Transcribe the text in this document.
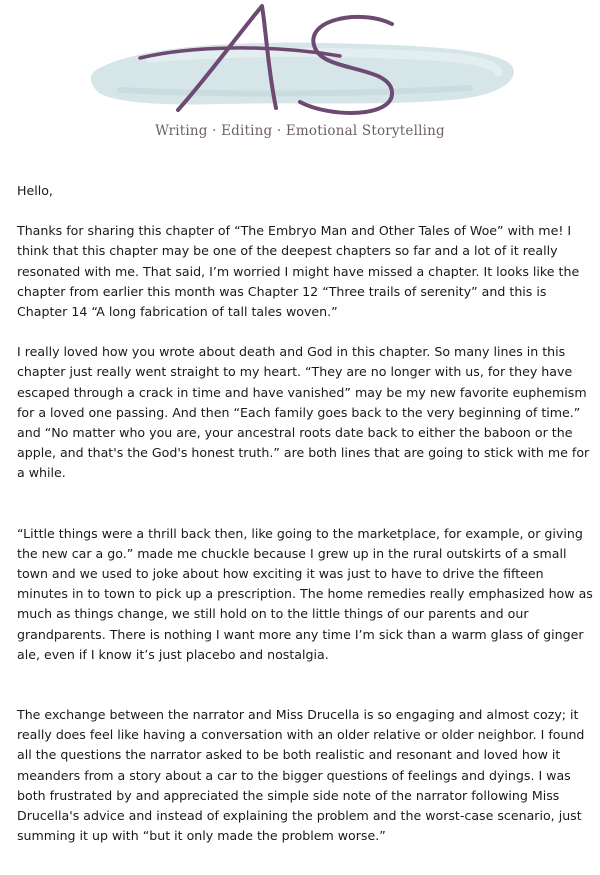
Writing · Editing · Emotional Storytelling

Hello,

Thanks for sharing this chapter of “The Embryo Man and Other Tales of Woe” with me! I think that this chapter may be one of the deepest chapters so far and a lot of it really resonated with me. That said, I’m worried I might have missed a chapter. It looks like the chapter from earlier this month was Chapter 12 “Three trails of serenity” and this is Chapter 14 “A long fabrication of tall tales woven.”

I really loved how you wrote about death and God in this chapter. So many lines in this chapter just really went straight to my heart. “They are no longer with us, for they have escaped through a crack in time and have vanished” may be my new favorite euphemism for a loved one passing. And then “Each family goes back to the very beginning of time.” and “No matter who you are, your ancestral roots date back to either the baboon or the apple, and that's the God's honest truth.” are both lines that are going to stick with me for a while.

“Little things were a thrill back then, like going to the marketplace, for example, or giving the new car a go.” made me chuckle because I grew up in the rural outskirts of a small town and we used to joke about how exciting it was just to have to drive the fifteen minutes in to town to pick up a prescription. The home remedies really emphasized how as much as things change, we still hold on to the little things of our parents and our grandparents. There is nothing I want more any time I’m sick than a warm glass of ginger ale, even if I know it’s just placebo and nostalgia.

The exchange between the narrator and Miss Drucella is so engaging and almost cozy; it really does feel like having a conversation with an older relative or older neighbor. I found all the questions the narrator asked to be both realistic and resonant and loved how it meanders from a story about a car to the bigger questions of feelings and dyings. I was both frustrated by and appreciated the simple side note of the narrator following Miss Drucella's advice and instead of explaining the problem and the worst-case scenario, just summing it up with “but it only made the problem worse.”
